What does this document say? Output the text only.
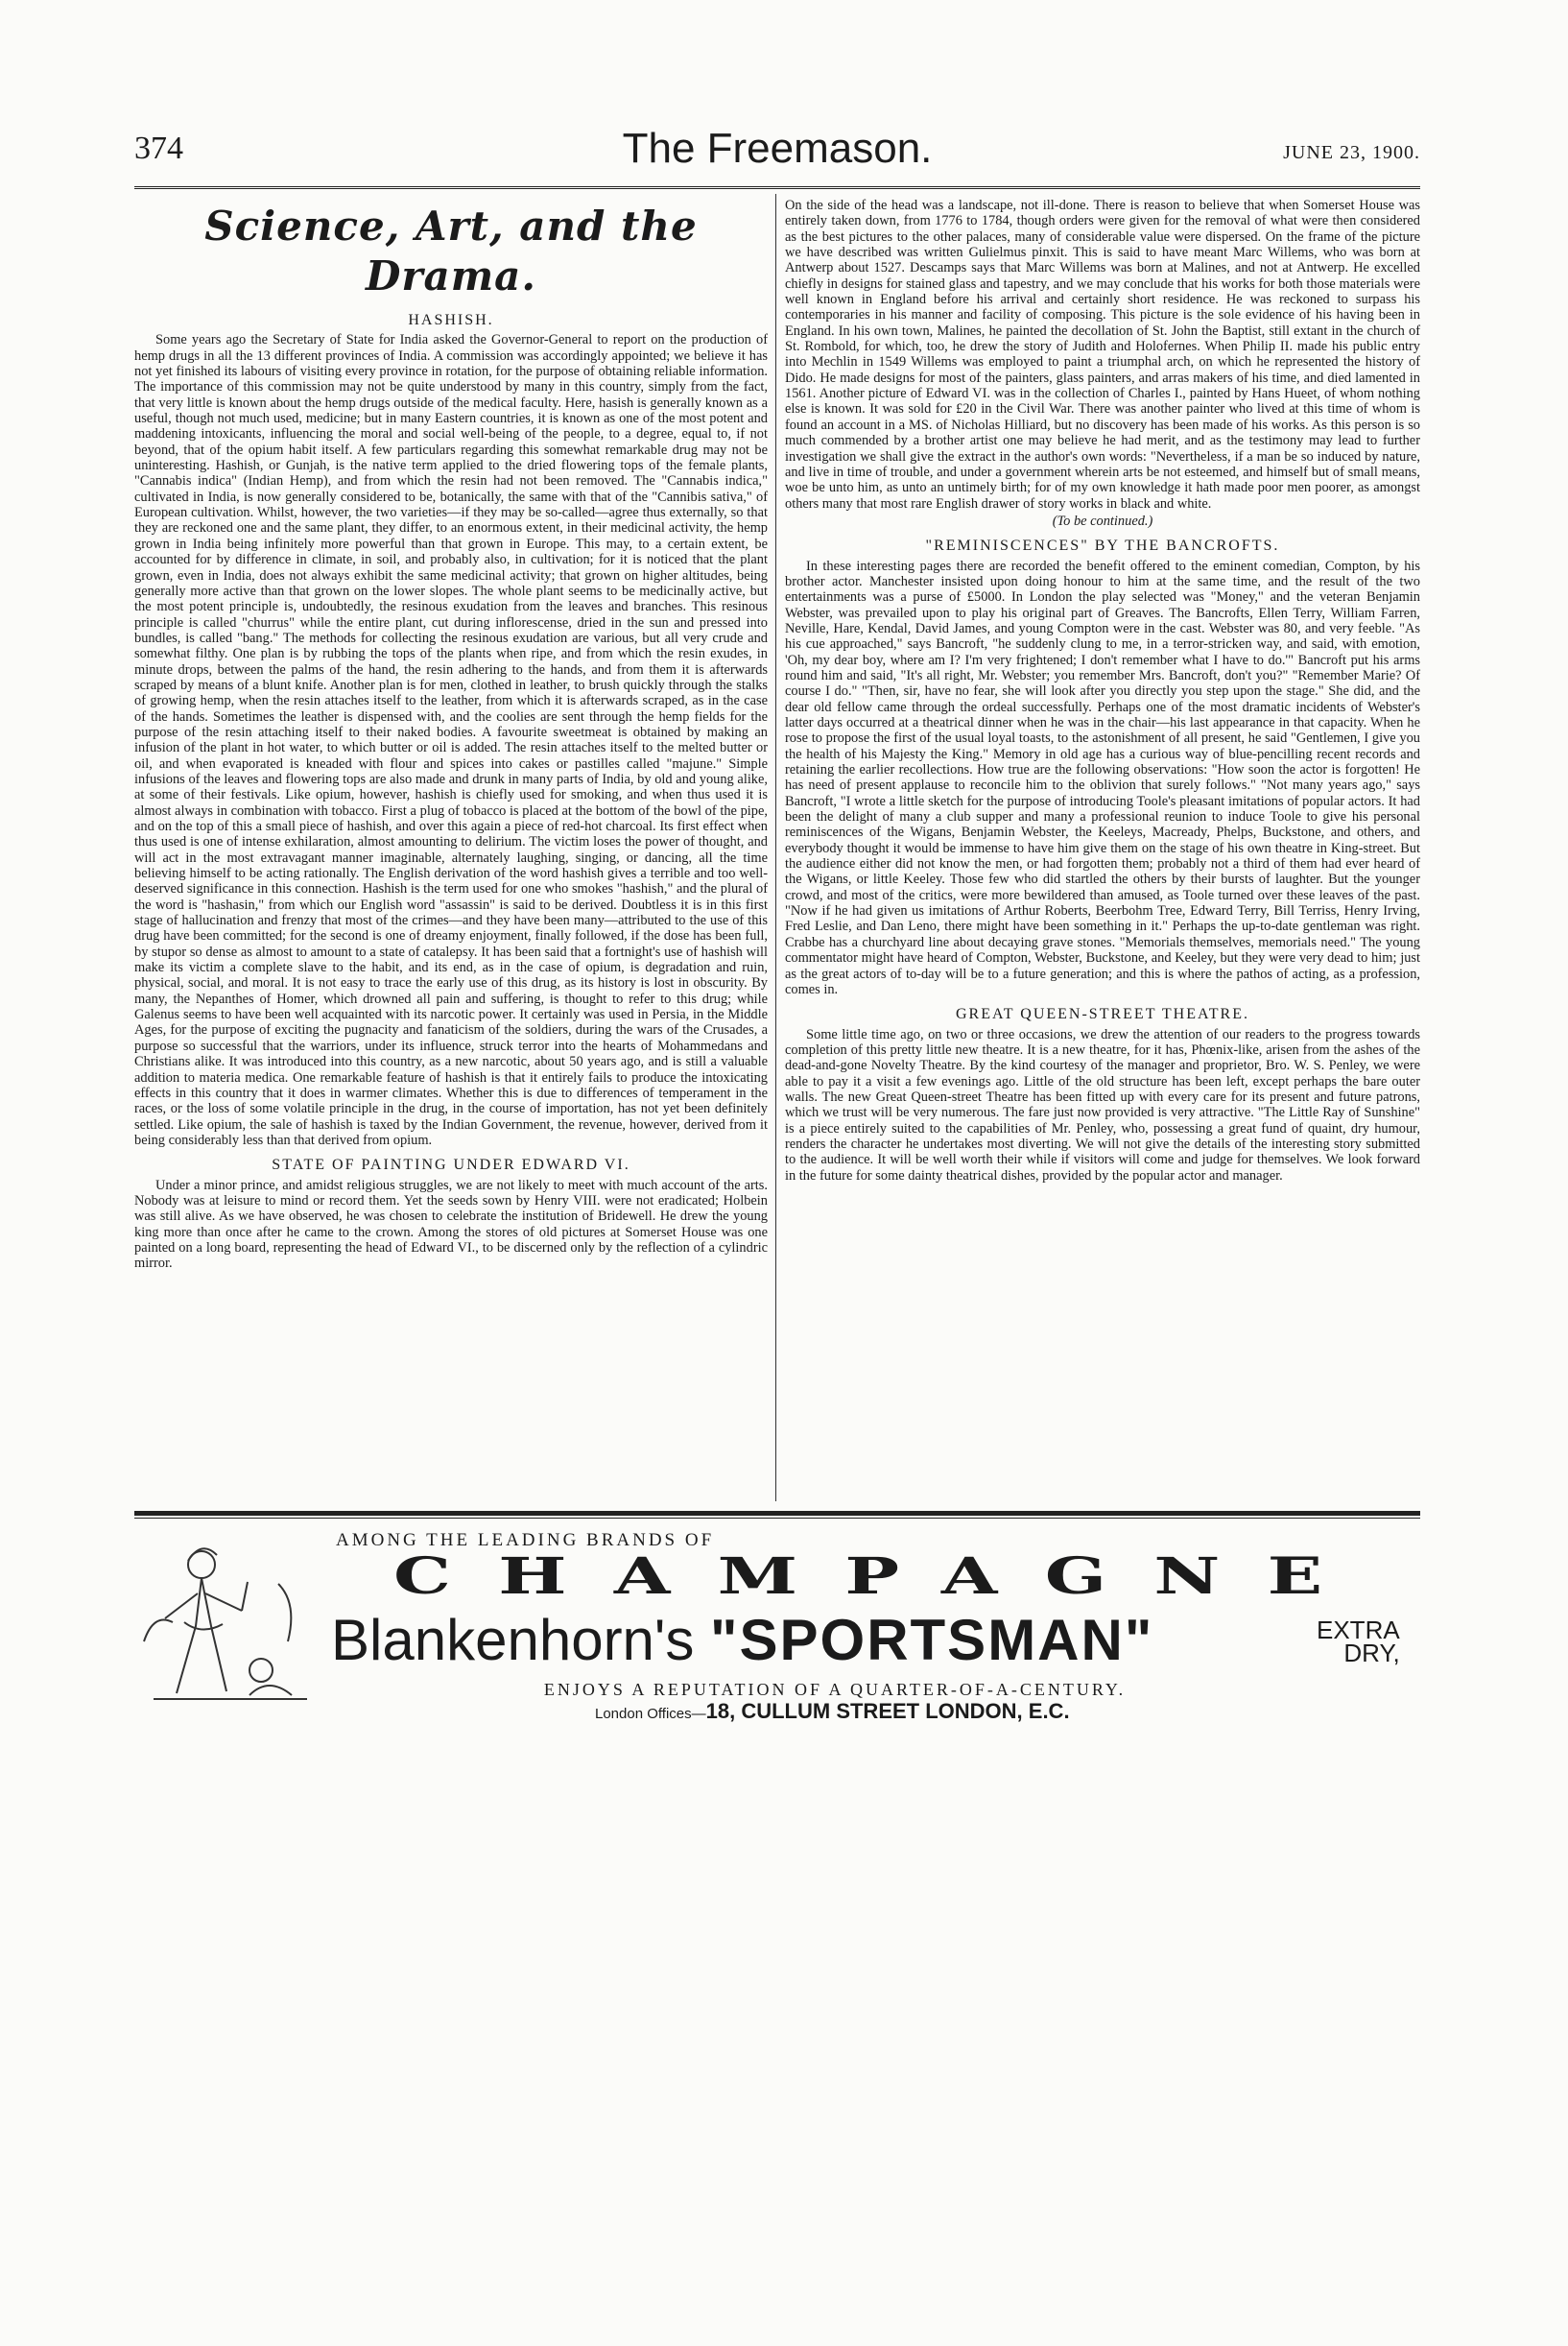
374	The Freemason.	JUNE 23, 1900.
Science, Art, and the Drama.
HASHISH.

Some years ago the Secretary of State for India asked the Governor-General to report on the production of hemp drugs in all the 13 different provinces of India. A commission was accordingly appointed; we believe it has not yet finished its labours of visiting every province in rotation, for the purpose of obtaining reliable information. The importance of this commission may not be quite understood by many in this country, simply from the fact, that very little is known about the hemp drugs outside of the medical faculty. Here, hasish is generally known as a useful, though not much used, medicine; but in many Eastern countries, it is known as one of the most potent and maddening intoxicants, influencing the moral and social well-being of the people, to a degree, equal to, if not beyond, that of the opium habit itself. A few particulars regarding this somewhat remarkable drug may not be uninteresting. Hashish, or Gunjah, is the native term applied to the dried flowering tops of the female plants, "Cannabis indica" (Indian Hemp), and from which the resin had not been removed. The "Cannabis indica," cultivated in India, is now generally considered to be, botanically, the same with that of the "Cannibis sativa," of European cultivation. Whilst, however, the two varieties—if they may be so-called—agree thus externally, so that they are reckoned one and the same plant, they differ, to an enormous extent, in their medicinal activity, the hemp grown in India being infinitely more powerful than that grown in Europe. This may, to a certain extent, be accounted for by difference in climate, in soil, and probably also, in cultivation; for it is noticed that the plant grown, even in India, does not always exhibit the same medicinal activity; that grown on higher altitudes, being generally more active than that grown on the lower slopes. The whole plant seems to be medicinally active, but the most potent principle is, undoubtedly, the resinous exudation from the leaves and branches. This resinous principle is called "churrus" while the entire plant, cut during inflorescense, dried in the sun and pressed into bundles, is called "bang." The methods for collecting the resinous exudation are various, but all very crude and somewhat filthy. One plan is by rubbing the tops of the plants when ripe, and from which the resin exudes, in minute drops, between the palms of the hand, the resin adhering to the hands, and from them it is afterwards scraped by means of a blunt knife. Another plan is for men, clothed in leather, to brush quickly through the stalks of growing hemp, when the resin attaches itself to the leather, from which it is afterwards scraped, as in the case of the hands. Sometimes the leather is dispensed with, and the coolies are sent through the hemp fields for the purpose of the resin attaching itself to their naked bodies. A favourite sweetmeat is obtained by making an infusion of the plant in hot water, to which butter or oil is added. The resin attaches itself to the melted butter or oil, and when evaporated is kneaded with flour and spices into cakes or pastilles called "majune." Simple infusions of the leaves and flowering tops are also made and drunk in many parts of India, by old and young alike, at some of their festivals. Like opium, however, hashish is chiefly used for smoking, and when thus used it is almost always in combination with tobacco. First a plug of tobacco is placed at the bottom of the bowl of the pipe, and on the top of this a small piece of hashish, and over this again a piece of red-hot charcoal. Its first effect when thus used is one of intense exhilaration, almost amounting to delirium. The victim loses the power of thought, and will act in the most extravagant manner imaginable, alternately laughing, singing, or dancing, all the time believing himself to be acting rationally. The English derivation of the word hashish gives a terrible and too well-deserved significance in this connection. Hashish is the term used for one who smokes "hashish," and the plural of the word is "hashasin," from which our English word "assassin" is said to be derived. Doubtless it is in this first stage of hallucination and frenzy that most of the crimes—and they have been many—attributed to the use of this drug have been committed; for the second is one of dreamy enjoyment, finally followed, if the dose has been full, by stupor so dense as almost to amount to a state of catalepsy. It has been said that a fortnight's use of hashish will make its victim a complete slave to the habit, and its end, as in the case of opium, is degradation and ruin, physical, social, and moral. It is not easy to trace the early use of this drug, as its history is lost in obscurity. By many, the Nepanthes of Homer, which drowned all pain and suffering, is thought to refer to this drug; while Galenus seems to have been well acquainted with its narcotic power. It certainly was used in Persia, in the Middle Ages, for the purpose of exciting the pugnacity and fanaticism of the soldiers, during the wars of the Crusades, a purpose so successful that the warriors, under its influence, struck terror into the hearts of Mohammedans and Christians alike. It was introduced into this country, as a new narcotic, about 50 years ago, and is still a valuable addition to materia medica. One remarkable feature of hashish is that it entirely fails to produce the intoxicating effects in this country that it does in warmer climates. Whether this is due to differences of temperament in the races, or the loss of some volatile principle in the drug, in the course of importation, has not yet been definitely settled. Like opium, the sale of hashish is taxed by the Indian Government, the revenue, however, derived from it being considerably less than that derived from opium.

STATE OF PAINTING UNDER EDWARD VI.

Under a minor prince, and amidst religious struggles, we are not likely to meet with much account of the arts. Nobody was at leisure to mind or record them. Yet the seeds sown by Henry VIII. were not eradicated; Holbein was still alive. As we have observed, he was chosen to celebrate the institution of Bridewell. He drew the young king more than once after he came to the crown. Among the stores of old pictures at Somerset House was one painted on a long board, representing the head of Edward VI., to be discerned only by the reflection of a cylindric mirror.

On the side of the head was a landscape, not ill-done. There is reason to believe that when Somerset House was entirely taken down, from 1776 to 1784, though orders were given for the removal of what were then considered as the best pictures to the other palaces, many of considerable value were dispersed. On the frame of the picture we have described was written Gulielmus pinxit. This is said to have meant Marc Willems, who was born at Antwerp about 1527. Descamps says that Marc Willems was born at Malines, and not at Antwerp. He excelled chiefly in designs for stained glass and tapestry, and we may conclude that his works for both those materials were well known in England before his arrival and certainly short residence. He was reckoned to surpass his contemporaries in his manner and facility of composing. This picture is the sole evidence of his having been in England. In his own town, Malines, he painted the decollation of St. John the Baptist, still extant in the church of St. Rombold, for which, too, he drew the story of Judith and Holofernes. When Philip II. made his public entry into Mechlin in 1549 Willems was employed to paint a triumphal arch, on which he represented the history of Dido. He made designs for most of the painters, glass painters, and arras makers of his time, and died lamented in 1561. Another picture of Edward VI. was in the collection of Charles I., painted by Hans Hueet, of whom nothing else is known. It was sold for £20 in the Civil War. There was another painter who lived at this time of whom is found an account in a MS. of Nicholas Hilliard, but no discovery has been made of his works. As this person is so much commended by a brother artist one may believe he had merit, and as the testimony may lead to further investigation we shall give the extract in the author's own words: "Nevertheless, if a man be so induced by nature, and live in time of trouble, and under a government wherein arts be not esteemed, and himself but of small means, woe be unto him, as unto an untimely birth; for of my own knowledge it hath made poor men poorer, as amongst others many that most rare English drawer of story works in black and white.

(To be continued.)
"REMINISCENCES" BY THE BANCROFTS.

In these interesting pages there are recorded the benefit offered to the eminent comedian, Compton, by his brother actor. Manchester insisted upon doing honour to him at the same time, and the result of the two entertainments was a purse of £5000. In London the play selected was "Money," and the veteran Benjamin Webster, was prevailed upon to play his original part of Greaves. The Bancrofts, Ellen Terry, William Farren, Neville, Hare, Kendal, David James, and young Compton were in the cast. Webster was 80, and very feeble. "As his cue approached," says Bancroft, "he suddenly clung to me, in a terror-stricken way, and said, with emotion, 'Oh, my dear boy, where am I? I'm very frightened; I don't remember what I have to do.'" Bancroft put his arms round him and said, "It's all right, Mr. Webster; you remember Mrs. Bancroft, don't you?" "Remember Marie? Of course I do." "Then, sir, have no fear, she will look after you directly you step upon the stage." She did, and the dear old fellow came through the ordeal successfully. Perhaps one of the most dramatic incidents of Webster's latter days occurred at a theatrical dinner when he was in the chair—his last appearance in that capacity. When he rose to propose the first of the usual loyal toasts, to the astonishment of all present, he said "Gentlemen, I give you the health of his Majesty the King." Memory in old age has a curious way of blue-pencilling recent records and retaining the earlier recollections. How true are the following observations: "How soon the actor is forgotten! He has need of present applause to reconcile him to the oblivion that surely follows." "Not many years ago," says Bancroft, "I wrote a little sketch for the purpose of introducing Toole's pleasant imitations of popular actors. It had been the delight of many a club supper and many a professional reunion to induce Toole to give his personal reminiscences of the Wigans, Benjamin Webster, the Keeleys, Macready, Phelps, Buckstone, and others, and everybody thought it would be immense to have him give them on the stage of his own theatre in King-street. But the audience either did not know the men, or had forgotten them; probably not a third of them had ever heard of the Wigans, or little Keeley. Those few who did startled the others by their bursts of laughter. But the younger crowd, and most of the critics, were more bewildered than amused, as Toole turned over these leaves of the past. "Now if he had given us imitations of Arthur Roberts, Beerbohm Tree, Edward Terry, Bill Terriss, Henry Irving, Fred Leslie, and Dan Leno, there might have been something in it." Perhaps the up-to-date gentleman was right. Crabbe has a churchyard line about decaying grave stones. "Memorials themselves, memorials need." The young commentator might have heard of Compton, Webster, Buckstone, and Keeley, but they were very dead to him; just as the great actors of to-day will be to a future generation; and this is where the pathos of acting, as a profession, comes in.

GREAT QUEEN-STREET THEATRE.

Some little time ago, on two or three occasions, we drew the attention of our readers to the progress towards completion of this pretty little new theatre. It is a new theatre, for it has, Phœnix-like, arisen from the ashes of the dead-and-gone Novelty Theatre. By the kind courtesy of the manager and proprietor, Bro. W. S. Penley, we were able to pay it a visit a few evenings ago. Little of the old structure has been left, except perhaps the bare outer walls. The new Great Queen-street Theatre has been fitted up with every care for its present and future patrons, which we trust will be very numerous. The fare just now provided is very attractive. "The Little Ray of Sunshine" is a piece entirely suited to the capabilities of Mr. Penley, who, possessing a great fund of quaint, dry humour, renders the character he undertakes most diverting. We will not give the details of the interesting story submitted to the audience. It will be well worth their while if visitors will come and judge for themselves. We look forward in the future for some dainty theatrical dishes, provided by the popular actor and manager.

AMONG THE LEADING BRANDS OF
CHAMPAGNE
Blankenhorn's "SPORTSMAN"	EXTRA
DRY,
ENJOYS A REPUTATION OF A QUARTER-OF-A-CENTURY.
London Offices—18, CULLUM STREET LONDON, E.C.
